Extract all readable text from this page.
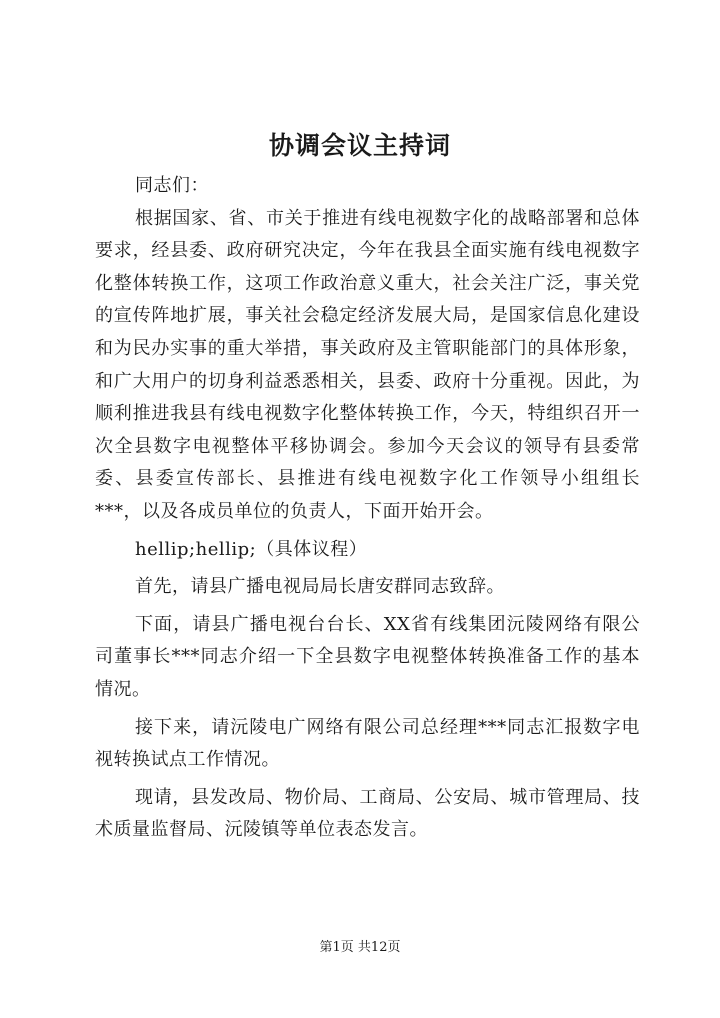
协调会议主持词

同志们：

根据国家、省、市关于推进有线电视数字化的战略部署和总体要求，经县委、政府研究决定，今年在我县全面实施有线电视数字化整体转换工作，这项工作政治意义重大，社会关注广泛，事关党的宣传阵地扩展，事关社会稳定经济发展大局，是国家信息化建设和为民办实事的重大举措，事关政府及主管职能部门的具体形象，和广大用户的切身利益悉悉相关，县委、政府十分重视。因此，为顺利推进我县有线电视数字化整体转换工作，今天，特组织召开一次全县数字电视整体平移协调会。参加今天会议的领导有县委常委、县委宣传部长、县推进有线电视数字化工作领导小组组长***，以及各成员单位的负责人，下面开始开会。

hellip;hellip;（具体议程）

首先，请县广播电视局局长唐安群同志致辞。

下面，请县广播电视台台长、XX省有线集团沅陵网络有限公司董事长***同志介绍一下全县数字电视整体转换准备工作的基本情况。

接下来，请沅陵电广网络有限公司总经理***同志汇报数字电视转换试点工作情况。

现请，县发改局、物价局、工商局、公安局、城市管理局、技术质量监督局、沅陵镇等单位表态发言。

第1页 共12页
